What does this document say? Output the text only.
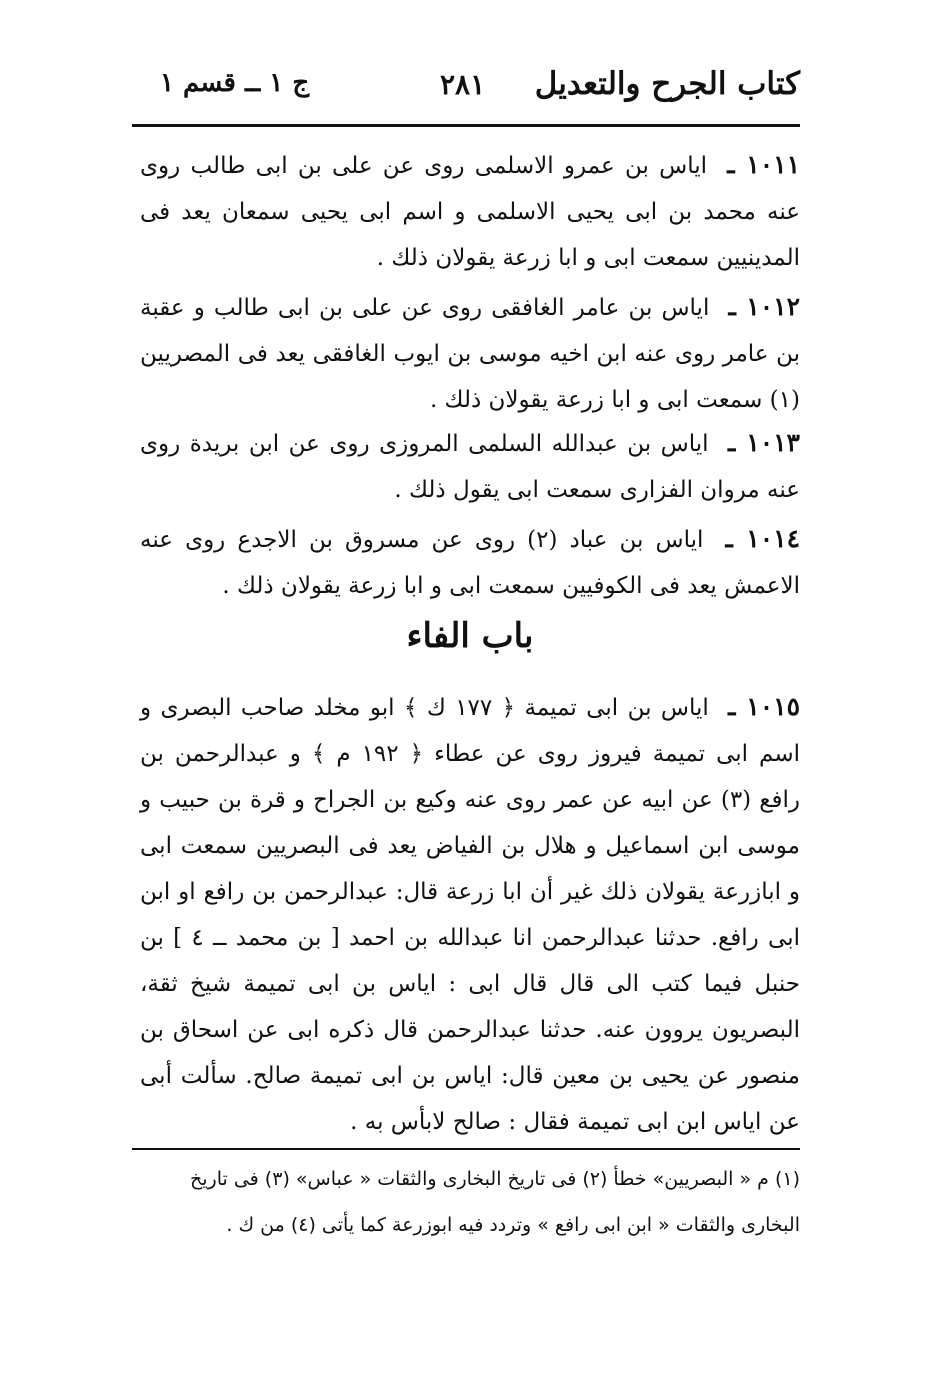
كتاب الجرح والتعديل
٢٨١
ج ١ ــ قسم ١
١٠١١ ـ اياس بن عمرو الاسلمى روى عن على بن ابى طالب روى عنه محمد بن ابى يحيى الاسلمى و اسم ابى يحيى سمعان يعد فى المدينيين سمعت ابى و ابا زرعة يقولان ذلك .
١٠١٢ ـ اياس بن عامر الغافقى روى عن على بن ابى طالب و عقبة بن عامر روى عنه ابن اخيه موسى بن ايوب الغافقى يعد فى المصريين (١) سمعت ابى و ابا زرعة يقولان ذلك .
١٠١٣ ـ اياس بن عبدالله السلمى المروزى روى عن ابن بريدة روى عنه مروان الفزارى سمعت ابى يقول ذلك .
١٠١٤ ـ اياس بن عباد (٢) روى عن مسروق بن الاجدع روى عنه الاعمش يعد فى الكوفيين سمعت ابى و ابا زرعة يقولان ذلك .
باب الفاء
١٠١٥ ـ اياس بن ابى تميمة ﴿ ١٧٧ ك ﴾ ابو مخلد صاحب البصرى و اسم ابى تميمة فيروز روى عن عطاء ﴿ ١٩٢ م ﴾ و عبدالرحمن بن رافع (٣) عن ابيه عن عمر روى عنه وكيع بن الجراح و قرة بن حبيب و موسى ابن اسماعيل و هلال بن الفياض يعد فى البصريين سمعت ابى و ابازرعة يقولان ذلك غير أن ابا زرعة قال: عبدالرحمن بن رافع او ابن ابى رافع. حدثنا عبدالرحمن انا عبدالله بن احمد [ بن محمد ــ ٤ ] بن حنبل فيما كتب الى قال قال ابى : اياس بن ابى تميمة شيخ ثقة، البصريون يروون عنه. حدثنا عبدالرحمن قال ذكره ابى عن اسحاق بن منصور عن يحيى بن معين قال: اياس بن ابى تميمة صالح. سألت أبى عن اياس ابن ابى تميمة فقال : صالح لابأس به .
(١) م « البصريين» خطأ (٢) فى تاريخ البخارى والثقات « عباس» (٣) فى تاريخ
البخارى والثقات « ابن ابى رافع » وتردد فيه ابوزرعة كما يأتى (٤) من ك .
